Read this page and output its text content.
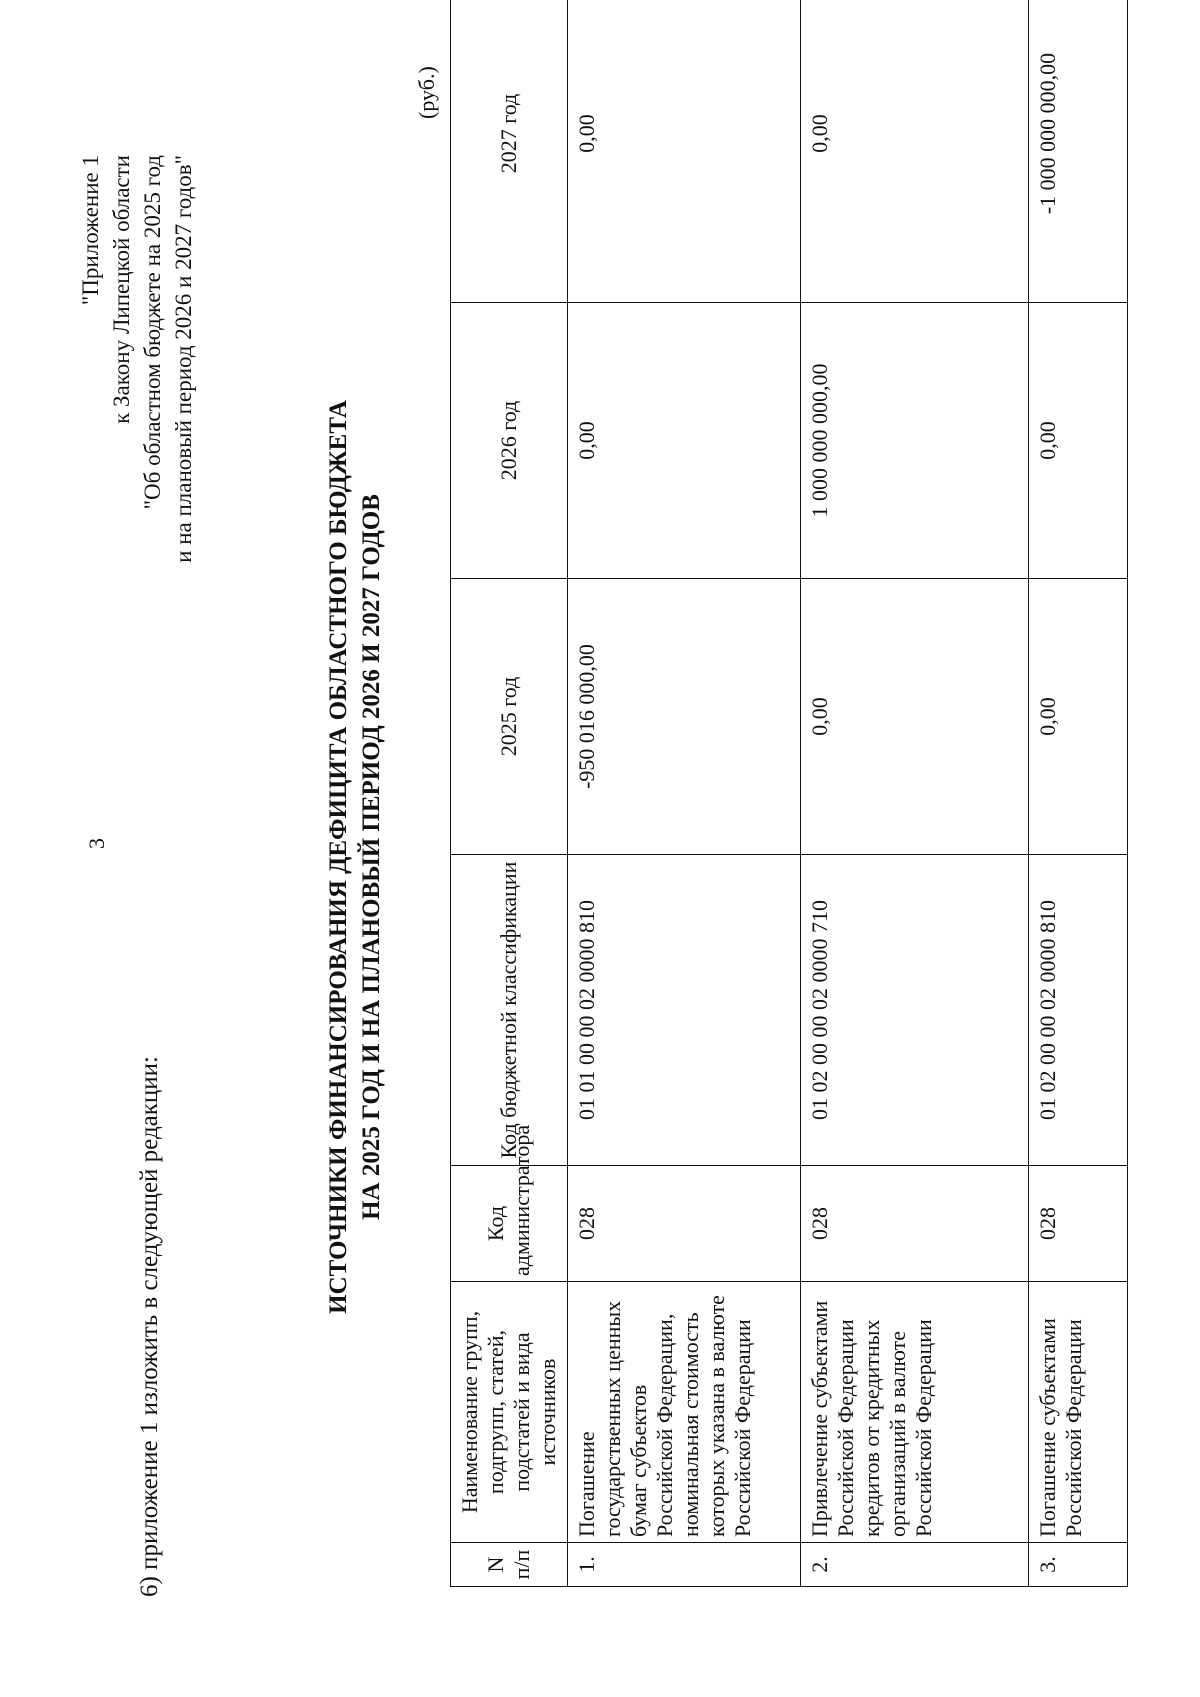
3
6) приложение 1 изложить в следующей редакции:
"Приложение 1 к Закону Липецкой области "Об областном бюджете на 2025 год и на плановый период 2026 и 2027 годов"
ИСТОЧНИКИ ФИНАНСИРОВАНИЯ ДЕФИЦИТА ОБЛАСТНОГО БЮДЖЕТА НА 2025 ГОД И НА ПЛАНОВЫЙ ПЕРИОД 2026 И 2027 ГОДОВ
(руб.)
N п/п	Наименование групп, подгрупп, статей, подстатей и вида источников	Код администратора	Код бюджетной классификации	2025 год	2026 год	2027 год
1.	Погашение государственных ценных бумаг субъектов Российской Федерации, номинальная стоимость которых указана в валюте Российской Федерации	028	01 01 00 00 02 0000 810	-950 016 000,00	0,00	0,00
2.	Привлечение субъектами Российской Федерации кредитов от кредитных организаций в валюте Российской Федерации	028	01 02 00 00 02 0000 710	0,00	1 000 000 000,00	0,00
3.	Погашение субъектами Российской Федерации	028	01 02 00 00 02 0000 810	0,00	0,00	-1 000 000 000,00
